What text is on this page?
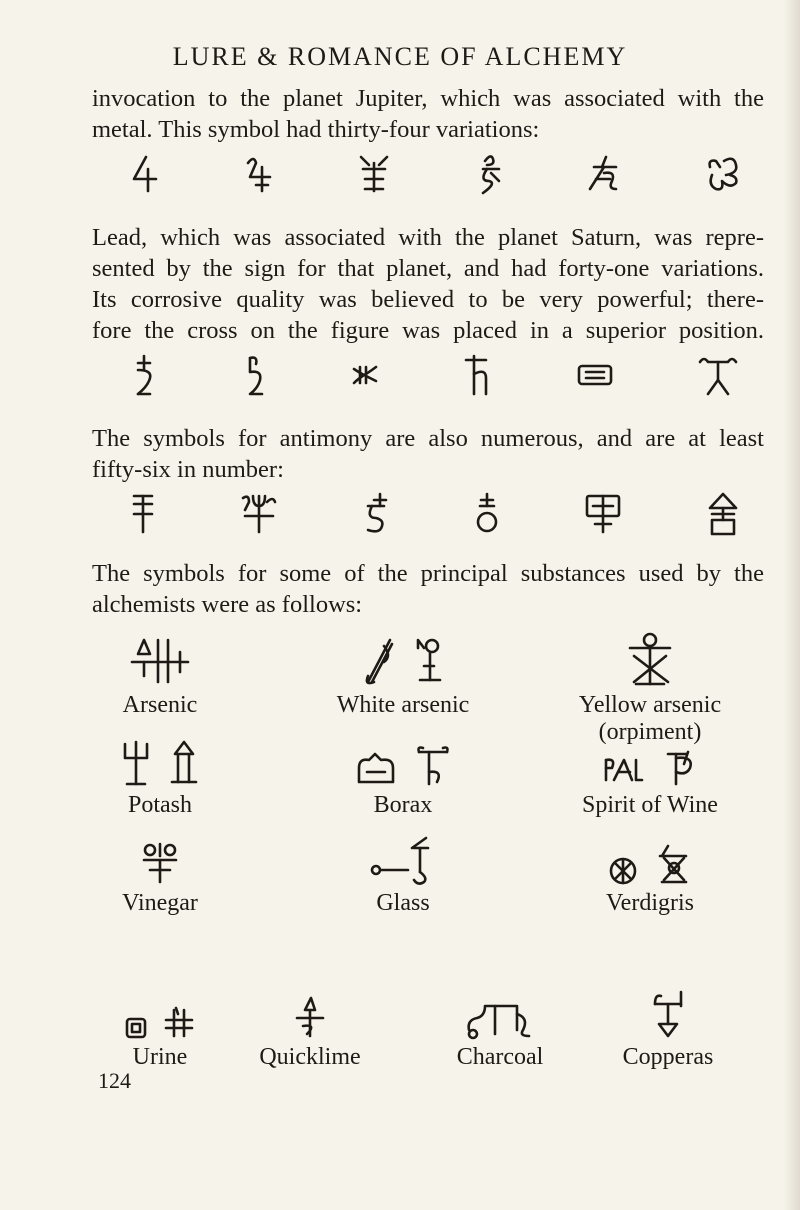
LURE & ROMANCE OF ALCHEMY
invocation to the planet Jupiter, which was associated with the
metal. This symbol had thirty-four variations:
Lead, which was associated with the planet Saturn, was repre-
sented by the sign for that planet, and had forty-one variations.
Its corrosive quality was believed to be very powerful; there-
fore the cross on the figure was placed in a superior position.
The symbols for antimony are also numerous, and are at least
fifty-six in number:
The symbols for some of the principal substances used by the
alchemists were as follows:
Arsenic	White arsenic	Yellow arsenic
(orpiment)
Potash	Borax	Spirit of Wine
Vinegar	Glass	Verdigris
Urine	Quicklime	Charcoal	Copperas
124
